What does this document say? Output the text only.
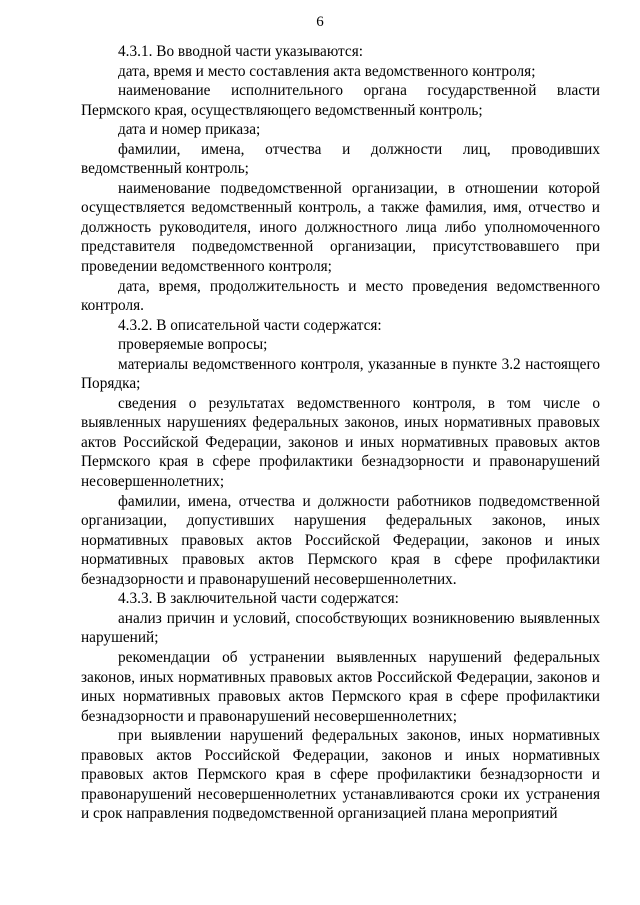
6

4.3.1. Во вводной части указываются:

дата, время и место составления акта ведомственного контроля;

наименование исполнительного органа государственной власти Пермского края, осуществляющего ведомственный контроль;

дата и номер приказа;

фамилии, имена, отчества и должности лиц, проводивших ведомственный контроль;

наименование подведомственной организации, в отношении которой осуществляется ведомственный контроль, а также фамилия, имя, отчество и должность руководителя, иного должностного лица либо уполномоченного представителя подведомственной организации, присутствовавшего при проведении ведомственного контроля;

дата, время, продолжительность и место проведения ведомственного контроля.

4.3.2. В описательной части содержатся:

проверяемые вопросы;

материалы ведомственного контроля, указанные в пункте 3.2 настоящего Порядка;

сведения о результатах ведомственного контроля, в том числе о выявленных нарушениях федеральных законов, иных нормативных правовых актов Российской Федерации, законов и иных нормативных правовых актов Пермского края в сфере профилактики безнадзорности и правонарушений несовершеннолетних;

фамилии, имена, отчества и должности работников подведомственной организации, допустивших нарушения федеральных законов, иных нормативных правовых актов Российской Федерации, законов и иных нормативных правовых актов Пермского края в сфере профилактики безнадзорности и правонарушений несовершеннолетних.

4.3.3. В заключительной части содержатся:

анализ причин и условий, способствующих возникновению выявленных нарушений;

рекомендации об устранении выявленных нарушений федеральных законов, иных нормативных правовых актов Российской Федерации, законов и иных нормативных правовых актов Пермского края в сфере профилактики безнадзорности и правонарушений несовершеннолетних;

при выявлении нарушений федеральных законов, иных нормативных правовых актов Российской Федерации, законов и иных нормативных правовых актов Пермского края в сфере профилактики безнадзорности и правонарушений несовершеннолетних устанавливаются сроки их устранения и срок направления подведомственной организацией плана мероприятий
